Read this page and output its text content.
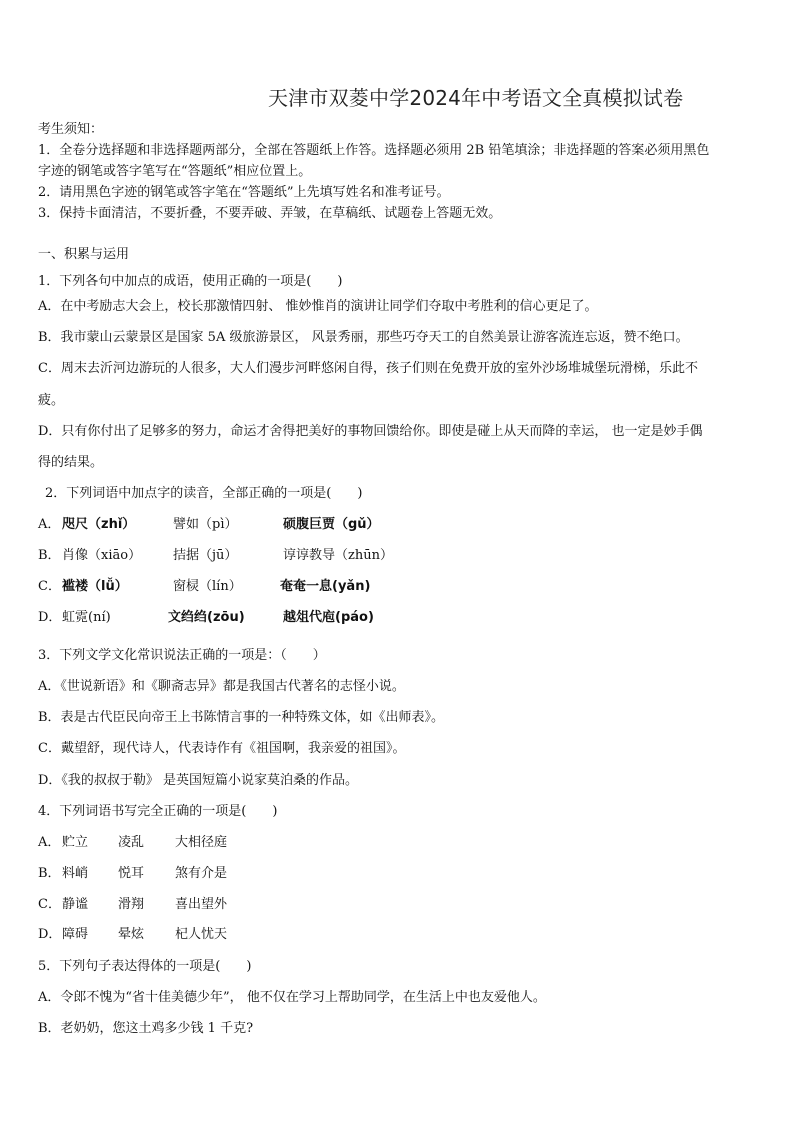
天津市双菱中学2024年中考语文全真模拟试卷
考生须知：
1．全卷分选择题和非选择题两部分，全部在答题纸上作答。选择题必须用 2B 铅笔填涂；非选择题的答案必须用黑色
字迹的钢笔或答字笔写在“答题纸”相应位置上。
2．请用黑色字迹的钢笔或答字笔在“答题纸”上先填写姓名和准考证号。
3．保持卡面清洁，不要折叠，不要弄破、弄皱，在草稿纸、试题卷上答题无效。
一、积累与运用
1．下列各句中加点的成语，使用正确的一项是(　　)
A．在中考励志大会上，校长那激情四射、 惟妙惟肖的演讲让同学们夺取中考胜利的信心更足了。
B．我市蒙山云蒙景区是国家 5A 级旅游景区， 风景秀丽，那些巧夺天工的自然美景让游客流连忘返，赞不绝口。
C．周末去沂河边游玩的人很多，大人们漫步河畔悠闲自得，孩子们则在免费开放的室外沙场堆城堡玩滑梯，乐此不
疲。
D．只有你付出了足够多的努力，命运才舍得把美好的事物回馈给你。即使是碰上从天而降的幸运， 也一定是妙手偶
得的结果。
2．下列词语中加点字的读音，全部正确的一项是(　　)
A． 咫尺（zhǐ）	譬如（pì）	硕腹巨贾（gǔ）
B． 肖像（xiāo） 拮据（jū）	谆谆教导（zhūn）
C． 褴褛（lǚ）	窗棂（lín）	奄奄一息(yǎn)
D． 虹霓(ní)	文绉绉(zōu)	越俎代庖(páo)
3．下列文学文化常识说法正确的一项是：（　　）
A．《世说新语》和《聊斋志异》都是我国古代著名的志怪小说。
B．表是古代臣民向帝王上书陈情言事的一种特殊文体，如《出师表》。
C．戴望舒，现代诗人，代表诗作有《祖国啊，我亲爱的祖国》。
D．《我的叔叔于勒》 是英国短篇小说家莫泊桑的作品。
4．下列词语书写完全正确的一项是(　　)
A． 贮立 凌乱 大相径庭
B． 料峭 悦耳 煞有介是
C． 静谧 滑翔 喜出望外
D． 障碍 晕炫 杞人忧天
5．下列句子表达得体的一项是(　　)
A．令郎不愧为“省十佳美德少年”， 他不仅在学习上帮助同学，在生活上中也友爱他人。
B．老奶奶，您这土鸡多少钱 1 千克?
